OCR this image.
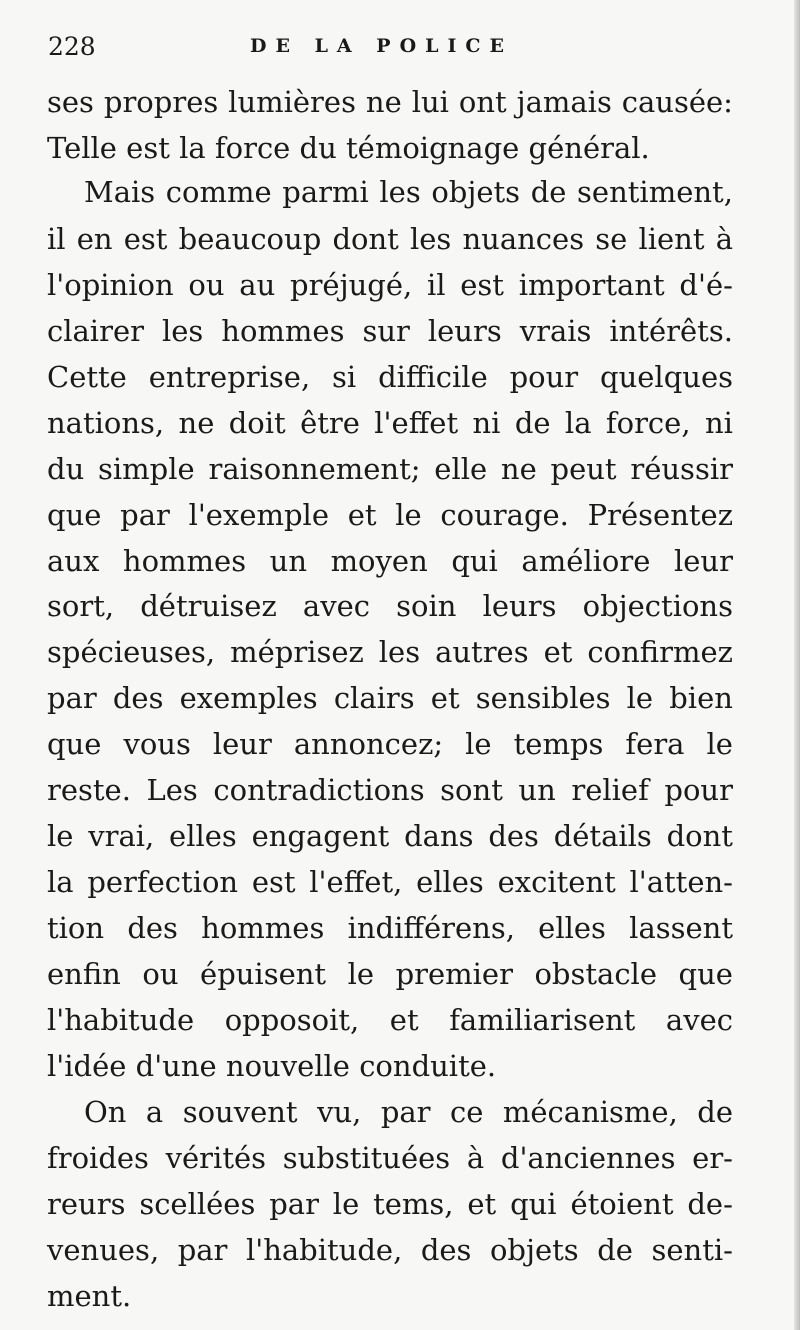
228	DE LA POLICE
ses propres lumières ne lui ont jamais causée:
Telle est la force du témoignage général.
Mais comme parmi les objets de sentiment,
il en est beaucoup dont les nuances se lient à
l'opinion ou au préjugé, il est important d'é-
clairer les hommes sur leurs vrais intérêts.
Cette entreprise, si difficile pour quelques
nations, ne doit être l'effet ni de la force, ni
du simple raisonnement; elle ne peut réussir
que par l'exemple et le courage. Présentez
aux hommes un moyen qui améliore leur
sort, détruisez avec soin leurs objections
spécieuses, méprisez les autres et confirmez
par des exemples clairs et sensibles le bien
que vous leur annoncez; le temps fera le
reste. Les contradictions sont un relief pour
le vrai, elles engagent dans des détails dont
la perfection est l'effet, elles excitent l'atten-
tion des hommes indifférens, elles lassent
enfin ou épuisent le premier obstacle que
l'habitude opposoit, et familiarisent avec
l'idée d'une nouvelle conduite.
On a souvent vu, par ce mécanisme, de
froides vérités substituées à d'anciennes er-
reurs scellées par le tems, et qui étoient de-
venues, par l'habitude, des objets de senti-
ment.
